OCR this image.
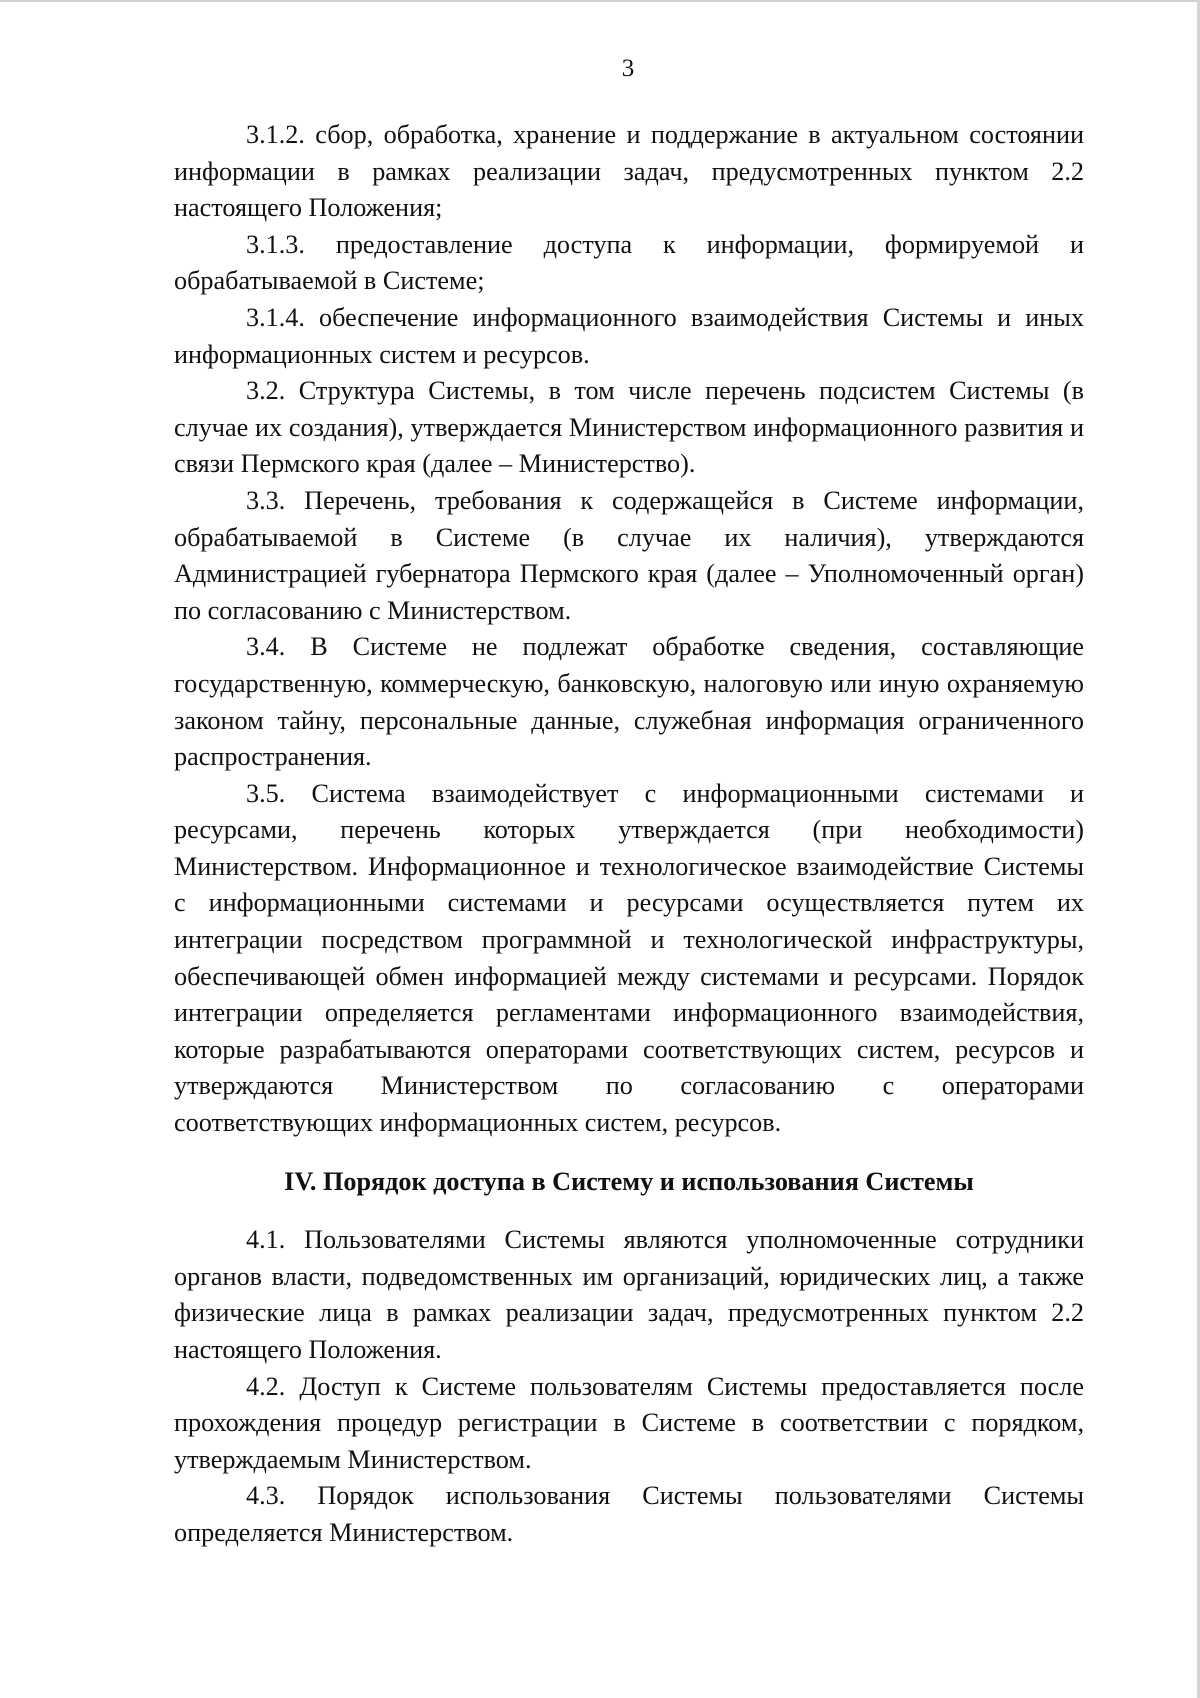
3

3.1.2. сбор, обработка, хранение и поддержание в актуальном состоянии информации в рамках реализации задач, предусмотренных пунктом 2.2 настоящего Положения;

3.1.3. предоставление доступа к информации, формируемой и обрабатываемой в Системе;

3.1.4. обеспечение информационного взаимодействия Системы и иных информационных систем и ресурсов.

3.2. Структура Системы, в том числе перечень подсистем Системы (в случае их создания), утверждается Министерством информационного развития и связи Пермского края (далее – Министерство).

3.3. Перечень, требования к содержащейся в Системе информации, обрабатываемой в Системе (в случае их наличия), утверждаются Администрацией губернатора Пермского края (далее – Уполномоченный орган) по согласованию с Министерством.

3.4. В Системе не подлежат обработке сведения, составляющие государственную, коммерческую, банковскую, налоговую или иную охраняемую законом тайну, персональные данные, служебная информация ограниченного распространения.

3.5. Система взаимодействует с информационными системами и ресурсами, перечень которых утверждается (при необходимости) Министерством. Информационное и технологическое взаимодействие Системы с информационными системами и ресурсами осуществляется путем их интеграции посредством программной и технологической инфраструктуры, обеспечивающей обмен информацией между системами и ресурсами. Порядок интеграции определяется регламентами информационного взаимодействия, которые разрабатываются операторами соответствующих систем, ресурсов и утверждаются Министерством по согласованию с операторами соответствующих информационных систем, ресурсов.

IV. Порядок доступа в Систему и использования Системы

4.1. Пользователями Системы являются уполномоченные сотрудники органов власти, подведомственных им организаций, юридических лиц, а также физические лица в рамках реализации задач, предусмотренных пунктом 2.2 настоящего Положения.

4.2. Доступ к Системе пользователям Системы предоставляется после прохождения процедур регистрации в Системе в соответствии с порядком, утверждаемым Министерством.

4.3. Порядок использования Системы пользователями Системы определяется Министерством.
